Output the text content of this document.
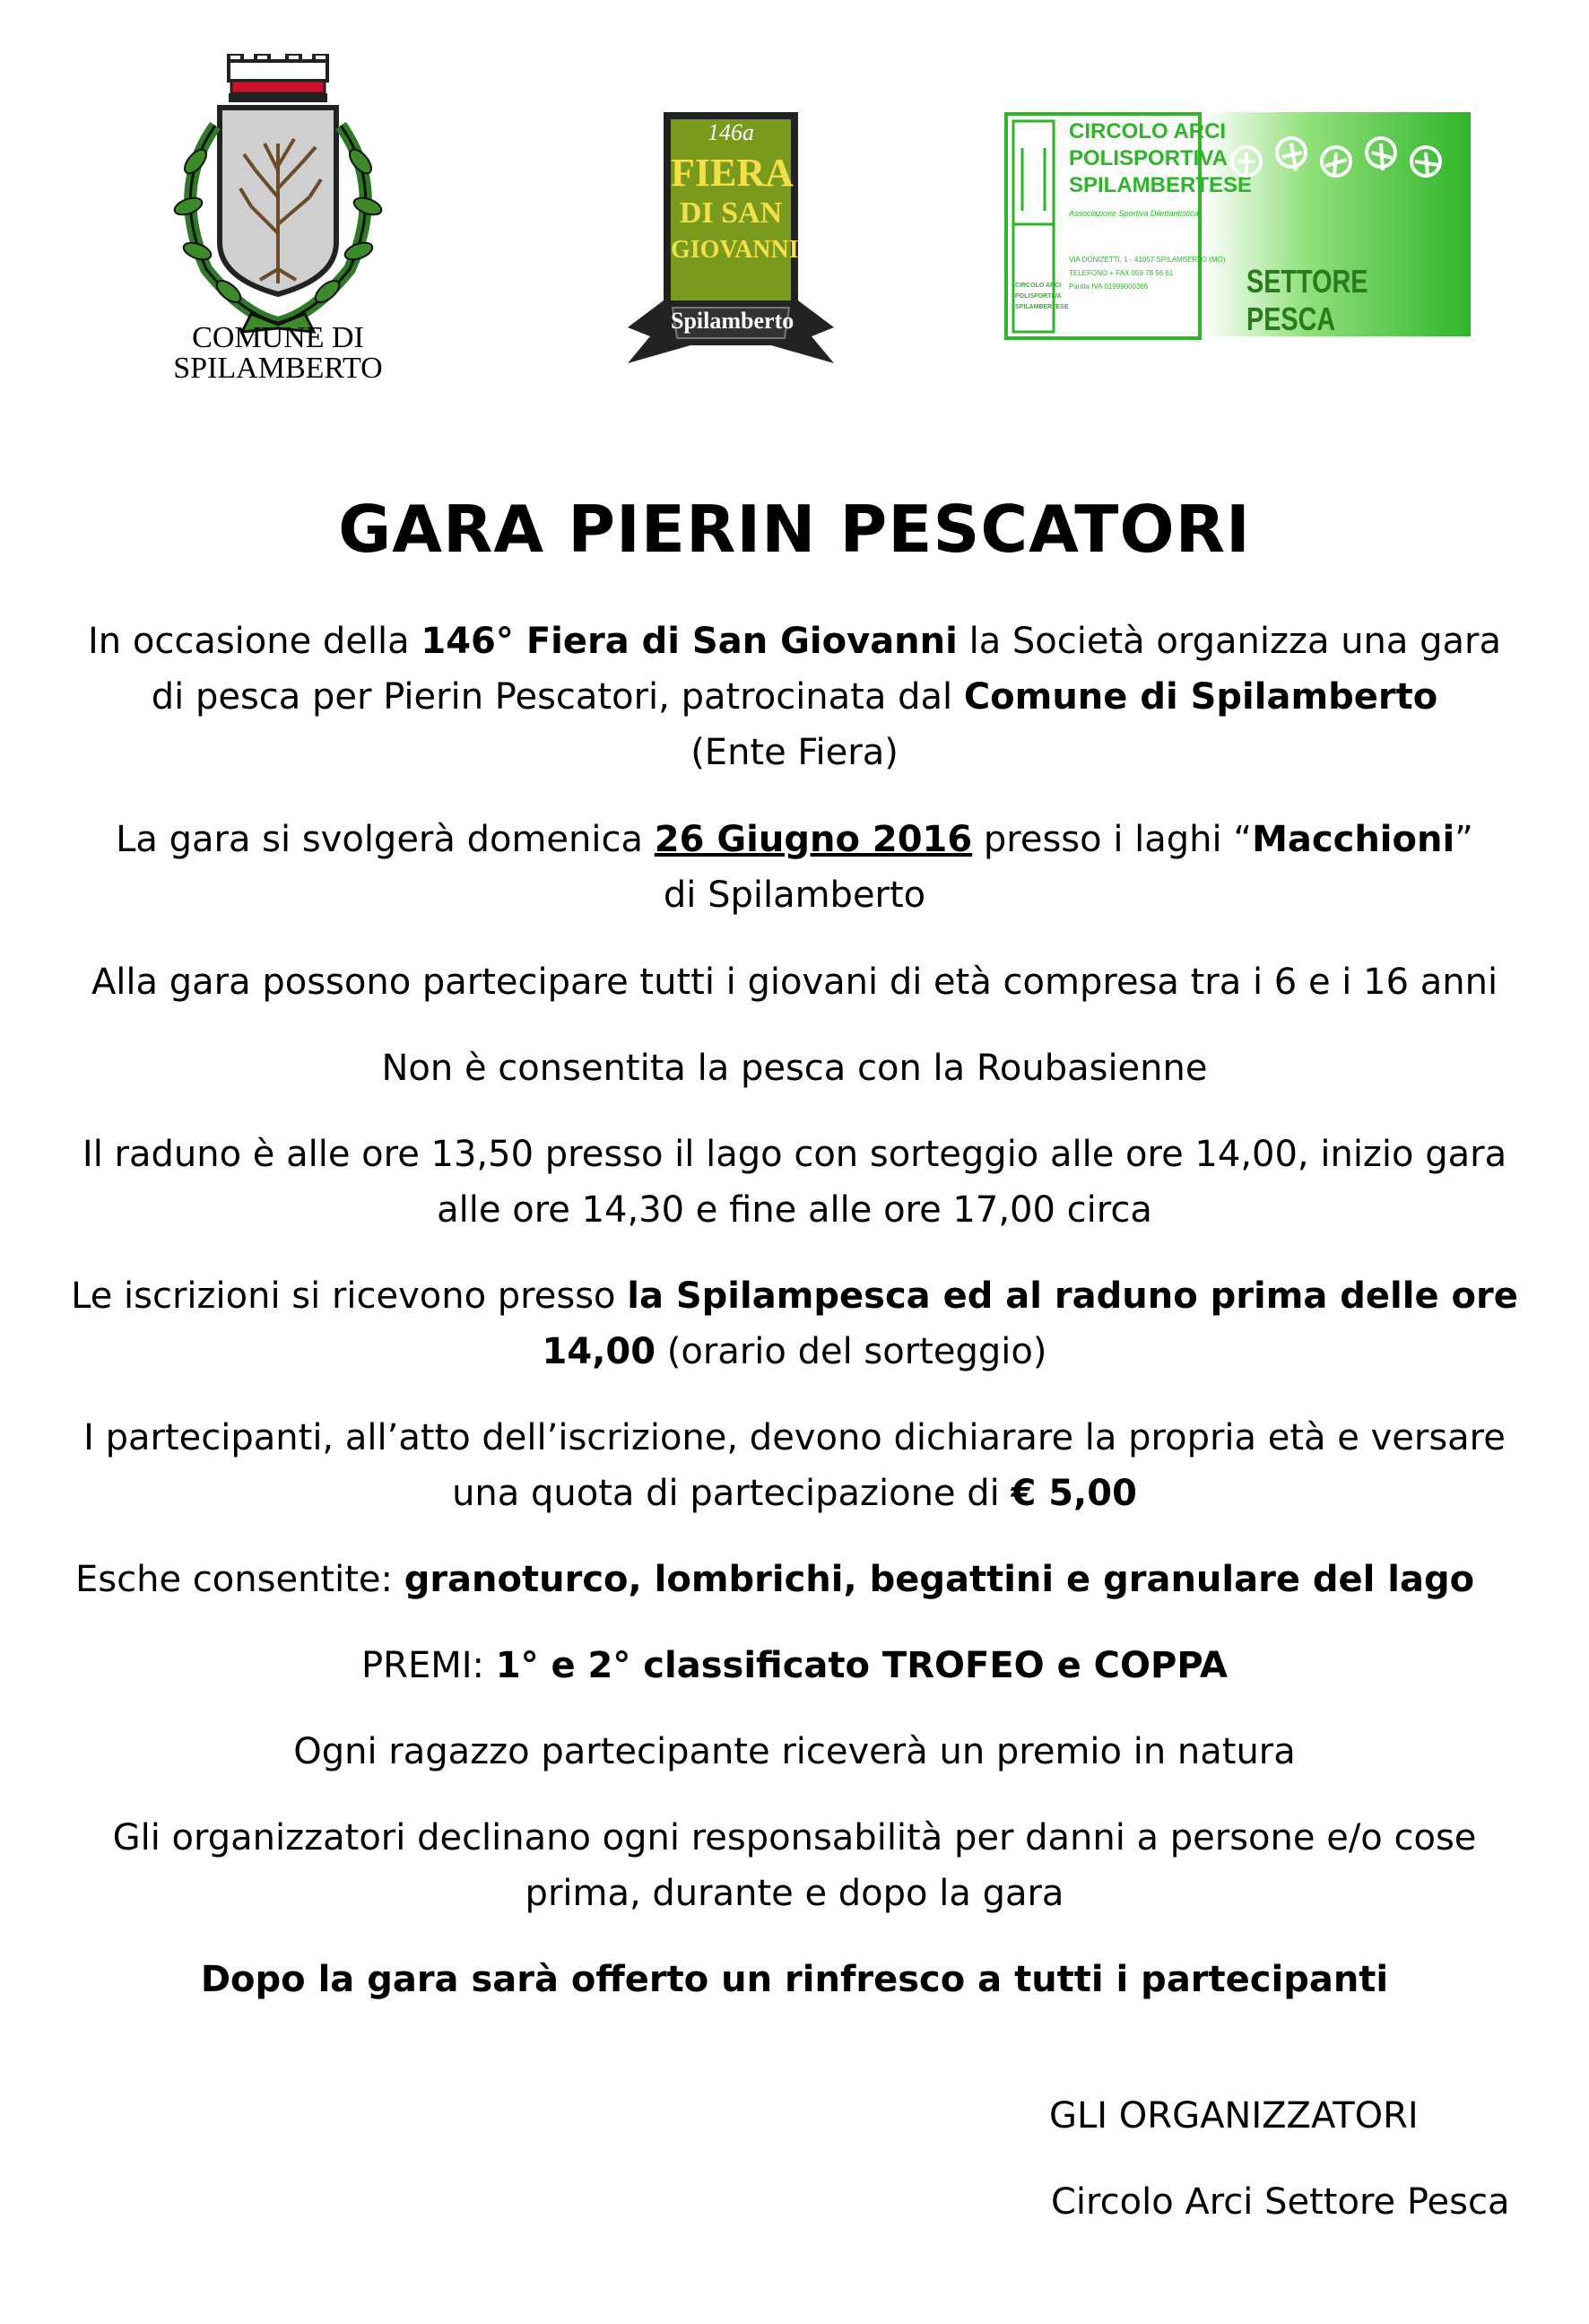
COMUNE DI
SPILAMBERTO
146a
FIERA
DI SAN
GIOVANNI
Spilamberto
CIRCOLO ARCI
POLISPORTIVA
SPILAMBERTESE
Associazione Sportiva Dilettantistica
VIA DONIZETTI, 1 - 41057 SPILAMBERTO (MO)
TELEFONO + FAX 059 78 56 61
Partita IVA 01999000365
CIRCOLO ARCI
POLISPORTIVA
SPILAMBERTESE
SETTORE PESCA
GARA PIERIN PESCATORI
In occasione della 146° Fiera di San Giovanni la Società organizza una gara
di pesca per Pierin Pescatori, patrocinata dal Comune di Spilamberto
(Ente Fiera)
La gara si svolgerà domenica 26 Giugno 2016 presso i laghi “Macchioni”
di Spilamberto
Alla gara possono partecipare tutti i giovani di età compresa tra i 6 e i 16 anni
Non è consentita la pesca con la Roubasienne
Il raduno è alle ore 13,50 presso il lago con sorteggio alle ore 14,00, inizio gara
alle ore 14,30 e fine alle ore 17,00 circa
Le iscrizioni si ricevono presso la Spilampesca ed al raduno prima delle ore
14,00 (orario del sorteggio)
I partecipanti, all’atto dell’iscrizione, devono dichiarare la propria età e versare
una quota di partecipazione di € 5,00
Esche consentite: granoturco, lombrichi, begattini e granulare del lago
PREMI: 1° e 2° classificato TROFEO e COPPA
Ogni ragazzo partecipante riceverà un premio in natura
Gli organizzatori declinano ogni responsabilità per danni a persone e/o cose
prima, durante e dopo la gara
Dopo la gara sarà offerto un rinfresco a tutti i partecipanti
GLI ORGANIZZATORI
Circolo Arci Settore Pesca
